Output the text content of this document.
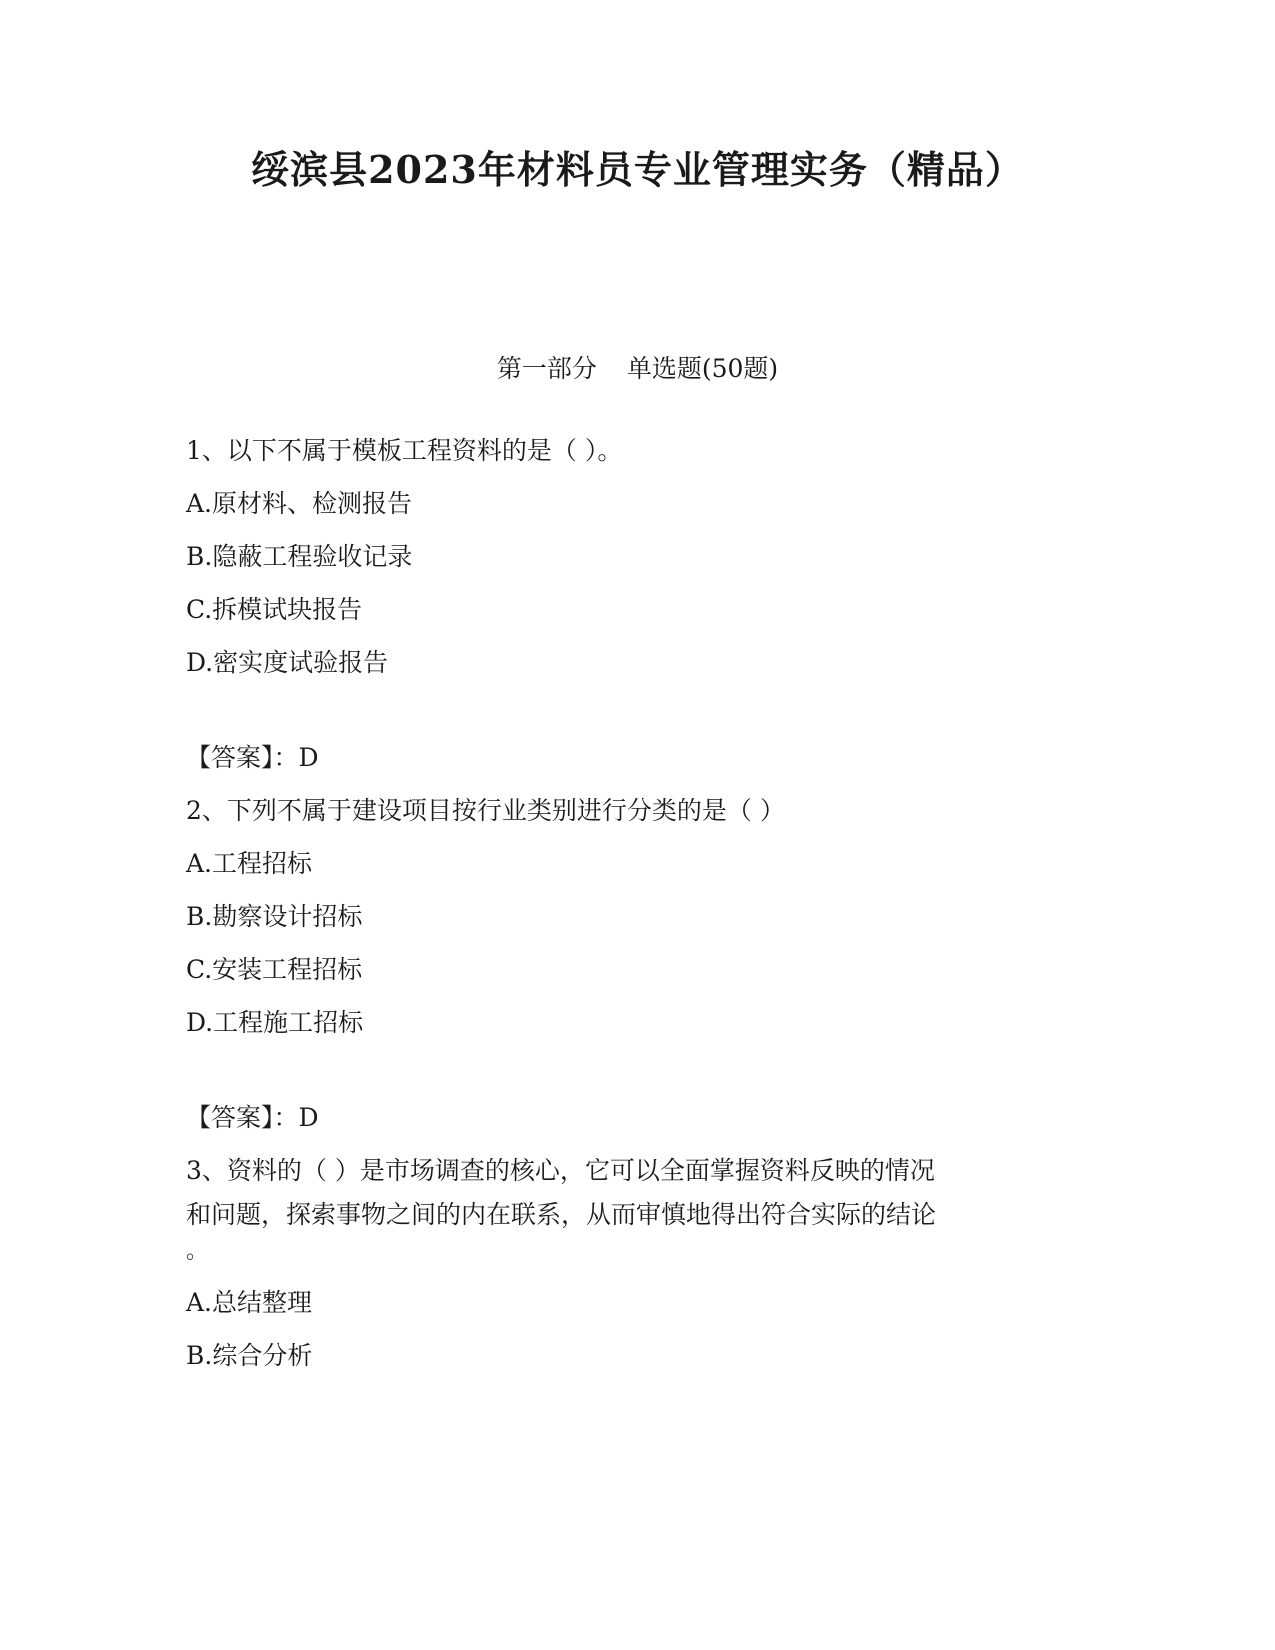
绥滨县2023年材料员专业管理实务（精品）
第一部分 单选题(50题)
1、以下不属于模板工程资料的是（ ）。
A.原材料、检测报告
B.隐蔽工程验收记录
C.拆模试块报告
D.密实度试验报告
【答案】：D
2、下列不属于建设项目按行业类别进行分类的是（ ）
A.工程招标
B.勘察设计招标
C.安装工程招标
D.工程施工招标
【答案】：D
3、资料的（ ）是市场调查的核心，它可以全面掌握资料反映的情况
和问题，探索事物之间的内在联系，从而审慎地得出符合实际的结论
。
A.总结整理
B.综合分析
